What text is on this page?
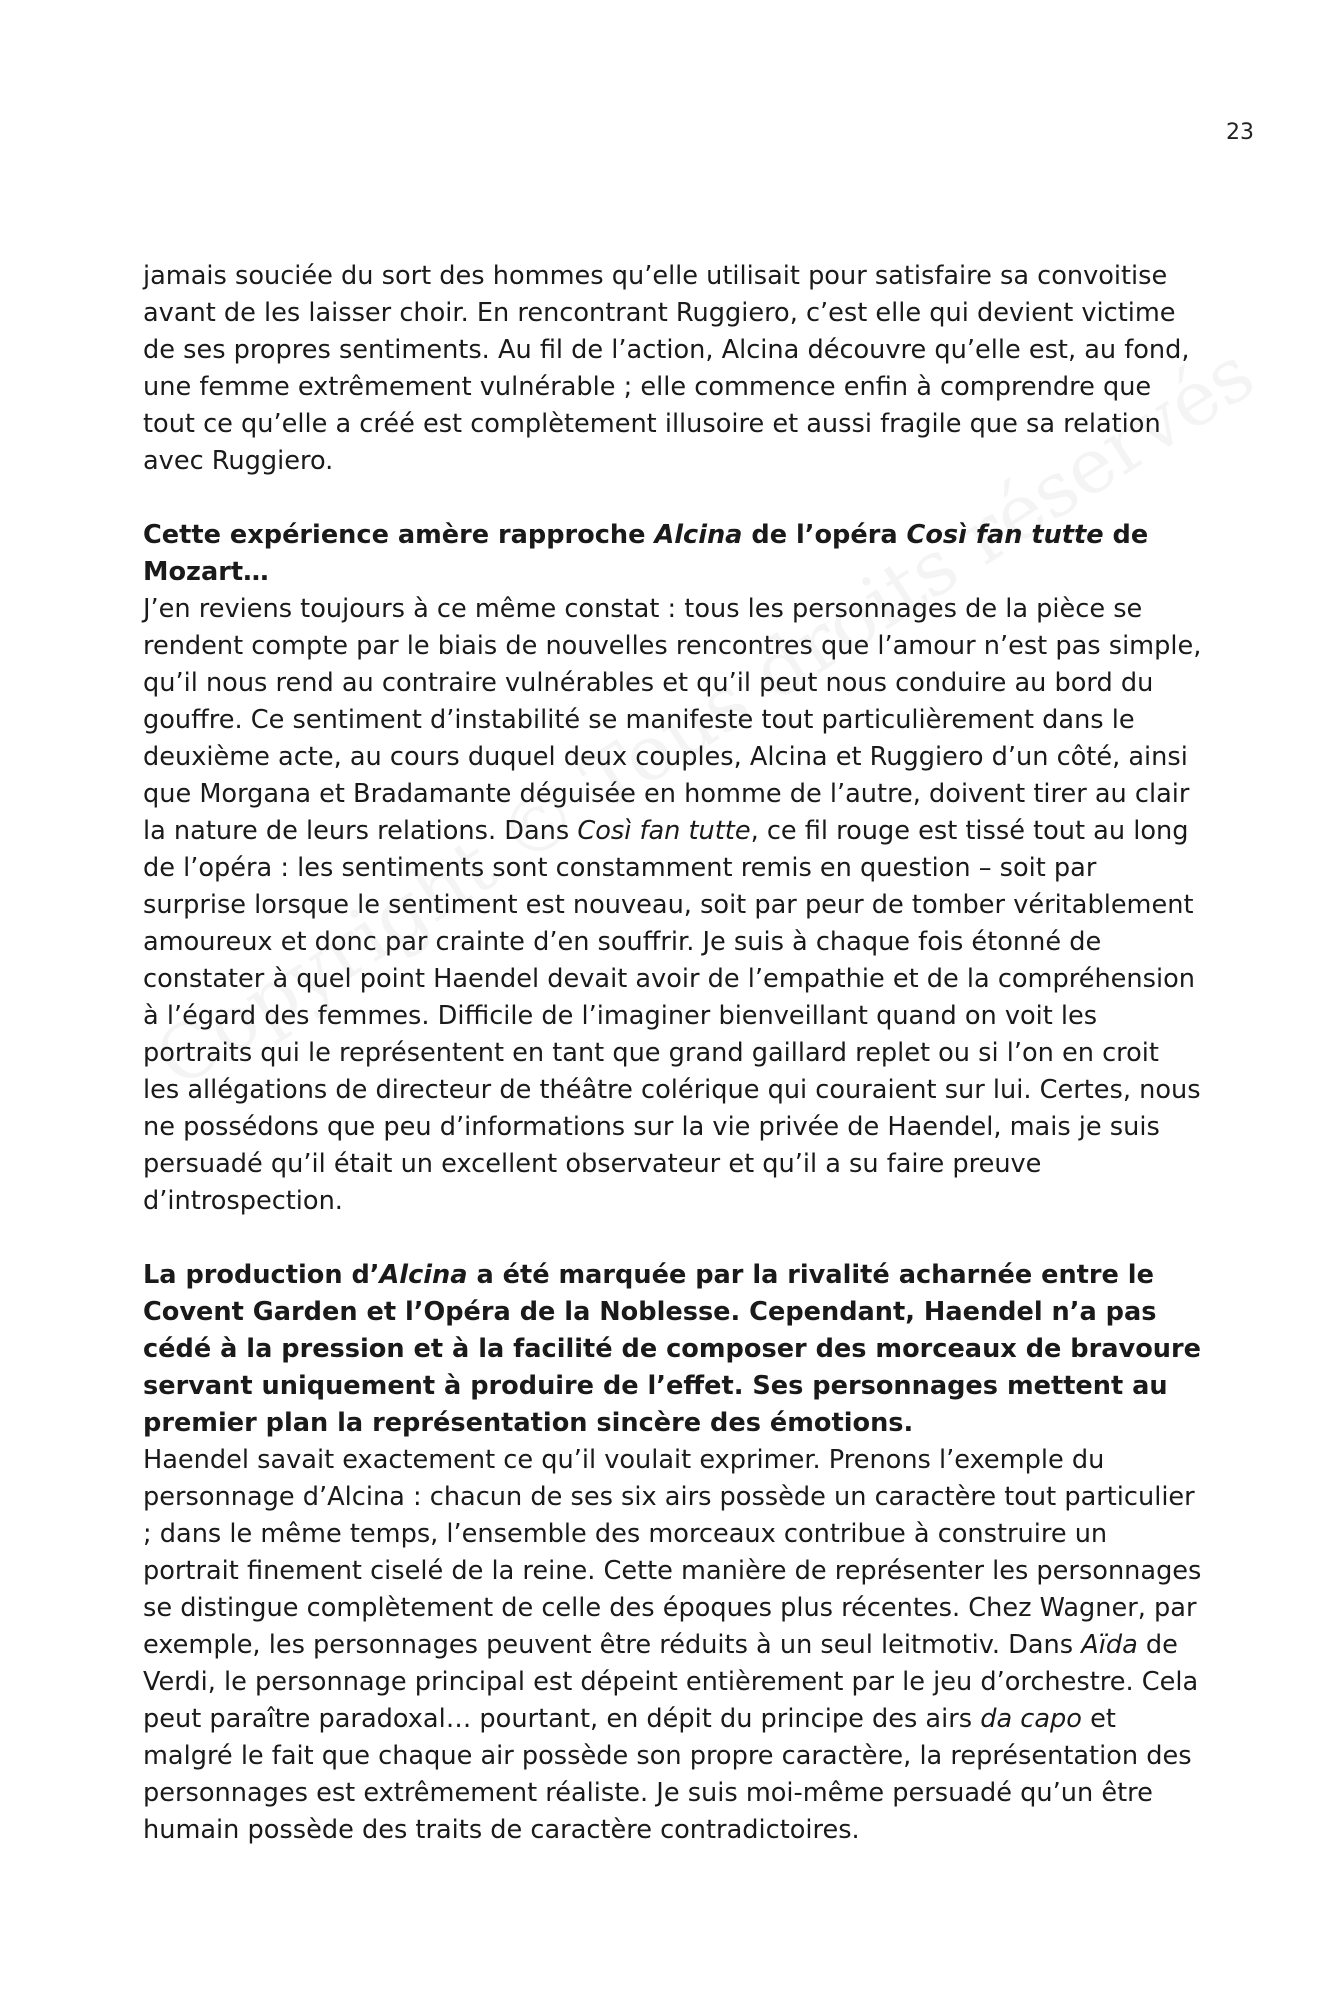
23

jamais souciée du sort des hommes qu’elle utilisait pour satisfaire sa convoitise avant de les laisser choir. En rencontrant Ruggiero, c’est elle qui devient victime de ses propres sentiments. Au fil de l’action, Alcina découvre qu’elle est, au fond, une femme extrêmement vulnérable ; elle commence enfin à comprendre que tout ce qu’elle a créé est complètement illusoire et aussi fragile que sa relation avec Ruggiero.

Cette expérience amère rapproche Alcina de l’opéra Così fan tutte de Mozart…

J’en reviens toujours à ce même constat : tous les personnages de la pièce se rendent compte par le biais de nouvelles rencontres que l’amour n’est pas simple, qu’il nous rend au contraire vulnérables et qu’il peut nous conduire au bord du gouffre. Ce sentiment d’instabilité se manifeste tout particulièrement dans le deuxième acte, au cours duquel deux couples, Alcina et Ruggiero d’un côté, ainsi que Morgana et Bradamante déguisée en homme de l’autre, doivent tirer au clair la nature de leurs relations. Dans Così fan tutte, ce fil rouge est tissé tout au long de l’opéra : les sentiments sont constamment remis en question – soit par surprise lorsque le sentiment est nouveau, soit par peur de tomber véritablement amoureux et donc par crainte d’en souffrir. Je suis à chaque fois étonné de constater à quel point Haendel devait avoir de l’empathie et de la compréhension à l’égard des femmes. Difficile de l’imaginer bienveillant quand on voit les portraits qui le représentent en tant que grand gaillard replet ou si l’on en croit les allégations de directeur de théâtre colérique qui couraient sur lui. Certes, nous ne possédons que peu d’informations sur la vie privée de Haendel, mais je suis persuadé qu’il était un excellent observateur et qu’il a su faire preuve d’introspection.

La production d’Alcina a été marquée par la rivalité acharnée entre le Covent Garden et l’Opéra de la Noblesse. Cependant, Haendel n’a pas cédé à la pression et à la facilité de composer des morceaux de bravoure servant uniquement à produire de l’effet. Ses personnages mettent au premier plan la représentation sincère des émotions.

Haendel savait exactement ce qu’il voulait exprimer. Prenons l’exemple du personnage d’Alcina : chacun de ses six airs possède un caractère tout particulier ; dans le même temps, l’ensemble des morceaux contribue à construire un portrait finement ciselé de la reine. Cette manière de représenter les personnages se distingue complètement de celle des époques plus récentes. Chez Wagner, par exemple, les personnages peuvent être réduits à un seul leitmotiv. Dans Aïda de Verdi, le personnage principal est dépeint entièrement par le jeu d’orchestre. Cela peut paraître paradoxal… pourtant, en dépit du principe des airs da capo et malgré le fait que chaque air possède son propre caractère, la représentation des personnages est extrêmement réaliste. Je suis moi-même persuadé qu’un être humain possède des traits de caractère contradictoires.
